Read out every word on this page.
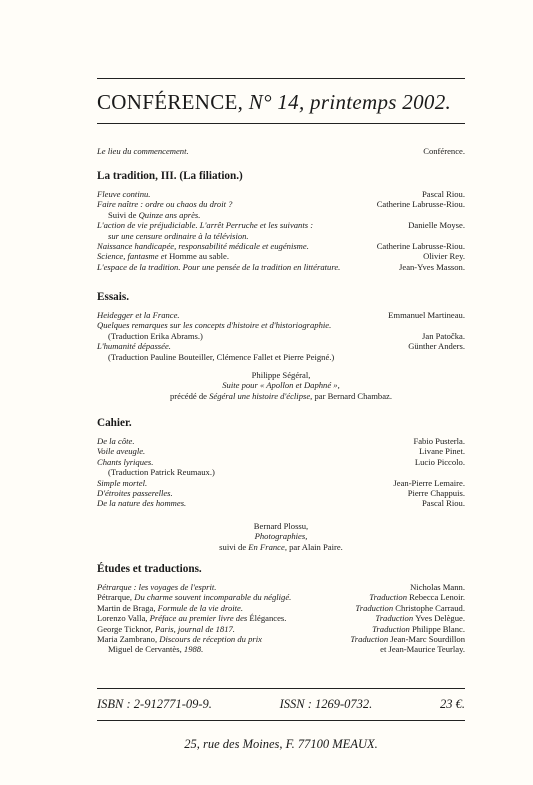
CONFÉRENCE, N° 14, printemps 2002.
Le lieu du commencement.	Conférence.
La tradition, III. (La filiation.)
Fleuve continu.	Pascal Riou.
Faire naître : ordre ou chaos du droit ?	Catherine Labrusse-Riou.
Suivi de Quinze ans après.
L'action de vie préjudiciable. L'arrêt Perruche et les suivants :	Danielle Moyse.
sur une censure ordinaire à la télévision.
Naissance handicapée, responsabilité médicale et eugénisme.	Catherine Labrusse-Riou.
Science, fantasme et Homme au sable.	Olivier Rey.
L'espace de la tradition. Pour une pensée de la tradition en littérature.	Jean-Yves Masson.
Essais.
Heidegger et la France.	Emmanuel Martineau.
Quelques remarques sur les concepts d'histoire et d'historiographie.
(Traduction Erika Abrams.)	Jan Patočka.
L'humanité dépassée.	Günther Anders.
(Traduction Pauline Bouteiller, Clémence Fallet et Pierre Peigné.)
Philippe Ségéral,
Suite pour « Apollon et Daphné »,
précédé de Ségéral une histoire d'éclipse, par Bernard Chambaz.
Cahier.
De la côte.	Fabio Pusterla.
Voile aveugle.	Livane Pinet.
Chants lyriques.	Lucio Piccolo.
(Traduction Patrick Reumaux.)
Simple mortel.	Jean-Pierre Lemaire.
D'étroites passerelles.	Pierre Chappuis.
De la nature des hommes.	Pascal Riou.
Bernard Plossu,
Photographies,
suivi de En France, par Alain Paire.
Études et traductions.
Pétrarque : les voyages de l'esprit.	Nicholas Mann.
Pétrarque, Du charme souvent incomparable du négligé.	Traduction Rebecca Lenoir.
Martin de Braga, Formule de la vie droite.	Traduction Christophe Carraud.
Lorenzo Valla, Préface au premier livre des Élégances.	Traduction Yves Delègue.
George Ticknor, Paris, journal de 1817.	Traduction Philippe Blanc.
Maria Zambrano, Discours de réception du prix	Traduction Jean-Marc Sourdillon
Miguel de Cervantès, 1988.	et Jean-Maurice Teurlay.
ISBN : 2-912771-09-9.	ISSN : 1269-0732.	23 €.
25, rue des Moines, F. 77100 MEAUX.
